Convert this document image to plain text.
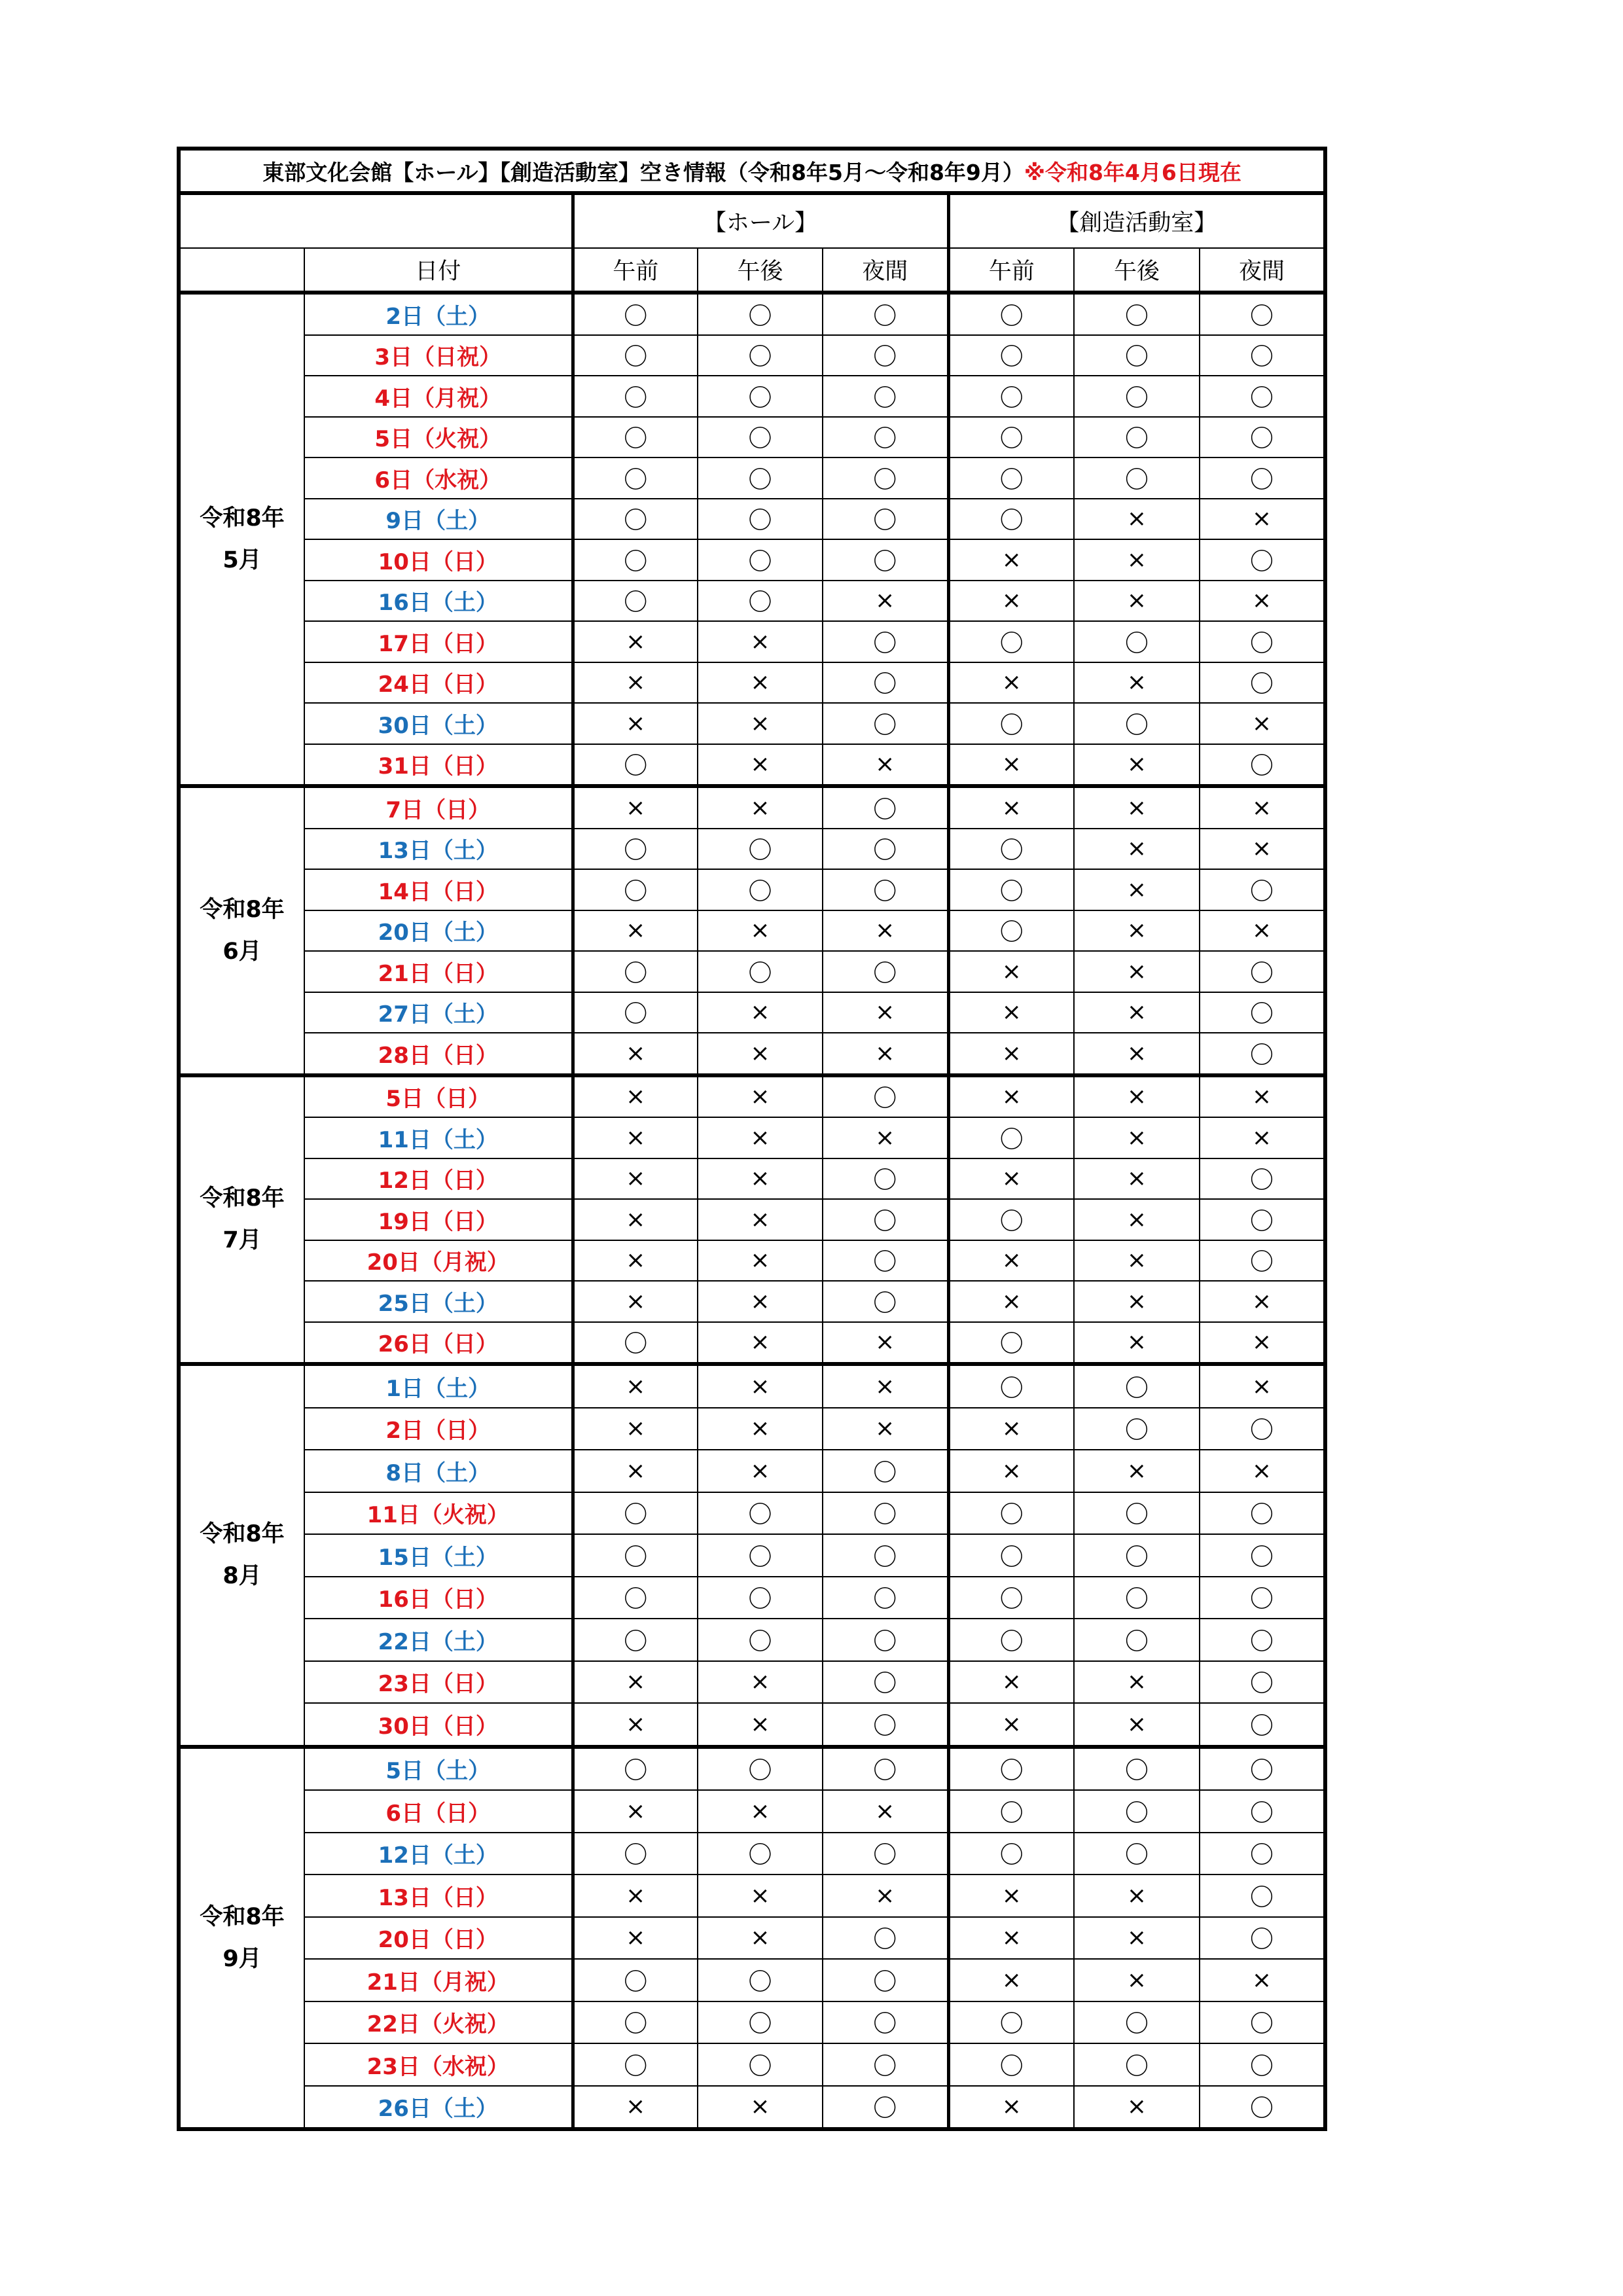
東部文化会館【ホール】【創造活動室】空き情報（令和8年5月～令和8年9月）※令和8年4月6日現在							
		【ホール】			【創造活動室】		
	日付	午前	午後	夜間	午前	午後	夜間
令和8年
5月	2日（土）	〇	〇	〇	〇	〇	〇
	3日（日祝）	〇	〇	〇	〇	〇	〇
	4日（月祝）	〇	〇	〇	〇	〇	〇
	5日（火祝）	〇	〇	〇	〇	〇	〇
	6日（水祝）	〇	〇	〇	〇	〇	〇
	9日（土）	〇	〇	〇	〇	×	×
	10日（日）	〇	〇	〇	×	×	〇
	16日（土）	〇	〇	×	×	×	×
	17日（日）	×	×	〇	〇	〇	〇
	24日（日）	×	×	〇	×	×	〇
	30日（土）	×	×	〇	〇	〇	×
	31日（日）	〇	×	×	×	×	〇
令和8年
6月	7日（日）	×	×	〇	×	×	×
	13日（土）	〇	〇	〇	〇	×	×
	14日（日）	〇	〇	〇	〇	×	〇
	20日（土）	×	×	×	〇	×	×
	21日（日）	〇	〇	〇	×	×	〇
	27日（土）	〇	×	×	×	×	〇
	28日（日）	×	×	×	×	×	〇
令和8年
7月	5日（日）	×	×	〇	×	×	×
	11日（土）	×	×	×	〇	×	×
	12日（日）	×	×	〇	×	×	〇
	19日（日）	×	×	〇	〇	×	〇
	20日（月祝）	×	×	〇	×	×	〇
	25日（土）	×	×	〇	×	×	×
	26日（日）	〇	×	×	〇	×	×
令和8年
8月	1日（土）	×	×	×	〇	〇	×
	2日（日）	×	×	×	×	〇	〇
	8日（土）	×	×	〇	×	×	×
	11日（火祝）	〇	〇	〇	〇	〇	〇
	15日（土）	〇	〇	〇	〇	〇	〇
	16日（日）	〇	〇	〇	〇	〇	〇
	22日（土）	〇	〇	〇	〇	〇	〇
	23日（日）	×	×	〇	×	×	〇
	30日（日）	×	×	〇	×	×	〇
令和8年
9月	5日（土）	〇	〇	〇	〇	〇	〇
	6日（日）	×	×	×	〇	〇	〇
	12日（土）	〇	〇	〇	〇	〇	〇
	13日（日）	×	×	×	×	×	〇
	20日（日）	×	×	〇	×	×	〇
	21日（月祝）	〇	〇	〇	×	×	×
	22日（火祝）	〇	〇	〇	〇	〇	〇
	23日（水祝）	〇	〇	〇	〇	〇	〇
	26日（土）	×	×	〇	×	×	〇
